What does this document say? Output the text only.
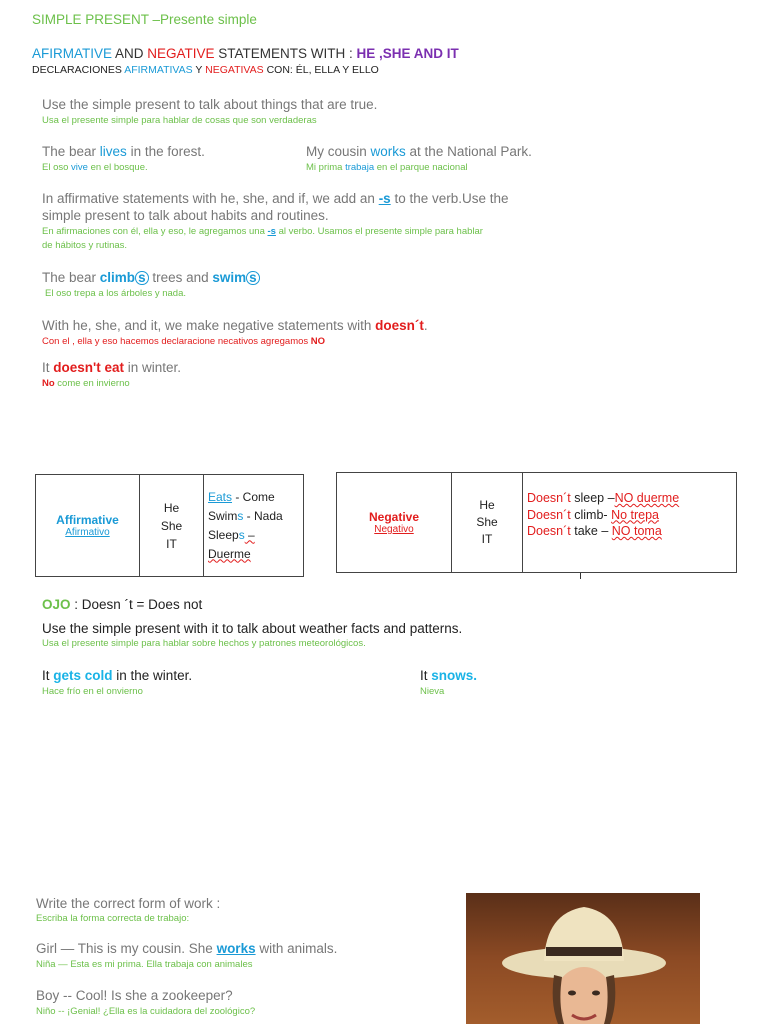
SIMPLE PRESENT –Presente simple
AFIRMATIVE AND NEGATIVE STATEMENTS WITH : HE ,SHE AND IT
DECLARACIONES AFIRMATIVAS Y NEGATIVAS CON: ÉL, ELLA Y ELLO
Use the simple present to talk about things that are true.
Usa el presente simple para hablar de cosas que son verdaderas
The bear lives in the forest.
El oso vive en el bosque.
My cousin works at the National Park.
Mi prima trabaja en el parque nacional
In affirmative statements with he, she, and if, we add an -s to the verb.Use the
simple present to talk about habits and routines.
En afirmaciones con él, ella y eso, le agregamos una -s al verbo. Usamos el presente simple para hablar
de hábitos y rutinas.
The bear climb s trees and swim s
El oso trepa a los árboles y nada.
With he, she, and it, we make negative statements with doesn´t.
Con el , ella y eso hacemos declaracione necativos agregamos NO
It doesn't eat in winter.
No come en invierno
Affirmative
Afirmativo

He
She
IT

Eats - Come
Swims - Nada
Sleeps – Duerme
Negative
Negativo

He
She
IT

Doesn´t sleep –NO duerme
Doesn´t climb- No trepa
Doesn´t take – NO toma
OJO : Doesn ´t = Does not
Use the simple present with it to talk about weather facts and patterns.
Usa el presente simple para hablar sobre hechos y patrones meteorológicos.
It gets cold in the winter.
Hace frío en el onvierno
It snows.
Nieva
Write the correct form of work :
Escriba la forma correcta de trabajo:
Girl — This is my cousin. She works with animals.
Niña — Esta es mi prima. Ella trabaja con animales
Boy -- Cool! Is she a zookeeper?
Niño -- ¡Genial! ¿Ella es la cuidadora del zoológico?
